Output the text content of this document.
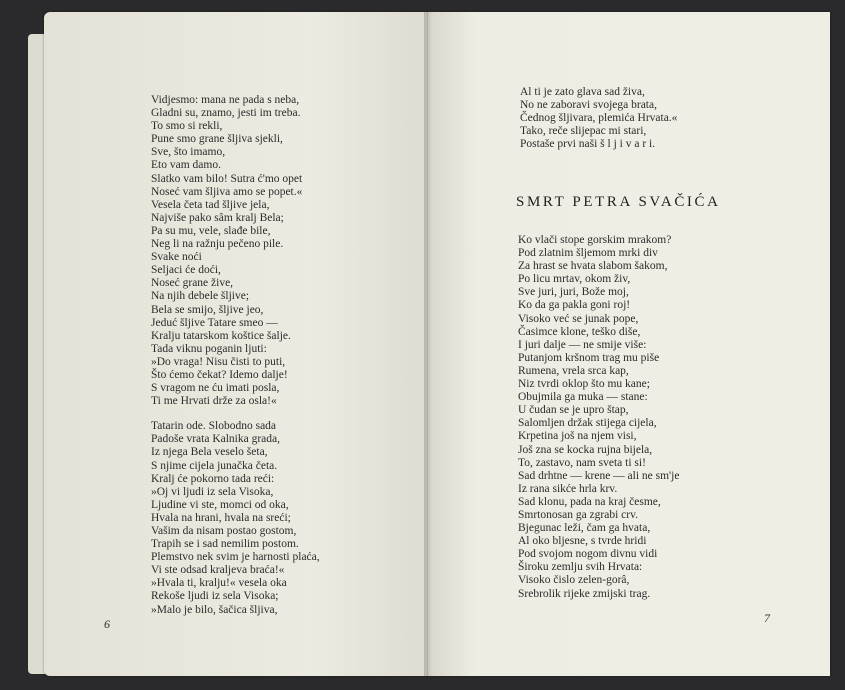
Vidjesmo: mana ne pada s neba,
Gladni su, znamo, jesti im treba.
To smo si rekli,
Pune smo grane šljiva sjekli,
Sve, što imamo,
Eto vam damo.
Slatko vam bilo! Sutra ć'mo opet
Noseć vam šljiva amo se popet.«
Vesela četa tad šljive jela,
Najviše pako sâm kralj Bela;
Pa su mu, vele, slađe bile,
Neg li na ražnju pečeno pile.
Svake noći
Seljaci će doći,
Noseć grane žive,
Na njih debele šljive;
Bela se smijo, šljive jeo,
Jeduć šljive Tatare smeo —
Kralju tatarskom koštice šalje.
Tada viknu poganin ljuti:
»Do vraga! Nisu čisti to puti,
Što ćemo čekat? Idemo dalje!
S vragom ne ću imati posla,
Ti me Hrvati drže za osla!«
Tatarin ode. Slobodno sada
Padoše vrata Kalnika grada,
Iz njega Bela veselo šeta,
S njime cijela junačka četa.
Kralj će pokorno tada reći:
»Oj vi ljudi iz sela Visoka,
Ljudine vi ste, momci od oka,
Hvala na hrani, hvala na sreći;
Vašim da nisam postao gostom,
Trapih se i sad nemilim postom.
Plemstvo nek svim je harnosti plaća,
Vi ste odsad kraljeva braća!«
»Hvala ti, kralju!« vesela oka
Rekoše ljudi iz sela Visoka;
»Malo je bilo, šačica šljiva,
6
Al ti je zato glava sad živa,
No ne zaboravi svojega brata,
Čednog šljivara, plemića Hrvata.«
Tako, reče slijepac mi stari,
Postaše prvi naši š l j i v a r i.
SMRT PETRA SVAČIĆA
Ko vlači stope gorskim mrakom?
Pod zlatnim šljemom mrki div
Za hrast se hvata slabom šakom,
Po licu mrtav, okom živ,
Sve juri, juri, Bože moj,
Ko da ga pakla goni roj!
Visoko već se junak pope,
Časimce klone, teško diše,
I juri dalje — ne smije više:
Putanjom kršnom trag mu piše
Rumena, vrela srca kap,
Niz tvrdi oklop što mu kane;
Obujmila ga muka — stane:
U čudan se je upro štap,
Salomljen držak stijega cijela,
Krpetina još na njem visi,
Još zna se kocka rujna bijela,
To, zastavo, nam sveta ti si!
Sad drhtne — krene — ali ne sm'je
Iz rana sikće hrla krv.
Sad klonu, pada na kraj česme,
Smrtonosan ga zgrabi crv.
Bjegunac leži, čam ga hvata,
Al oko bljesne, s tvrde hridi
Pod svojom nogom divnu vidi
Široku zemlju svih Hrvata:
Visoko čislo zelen-gorâ,
Srebrolik rijeke zmijski trag.
7
